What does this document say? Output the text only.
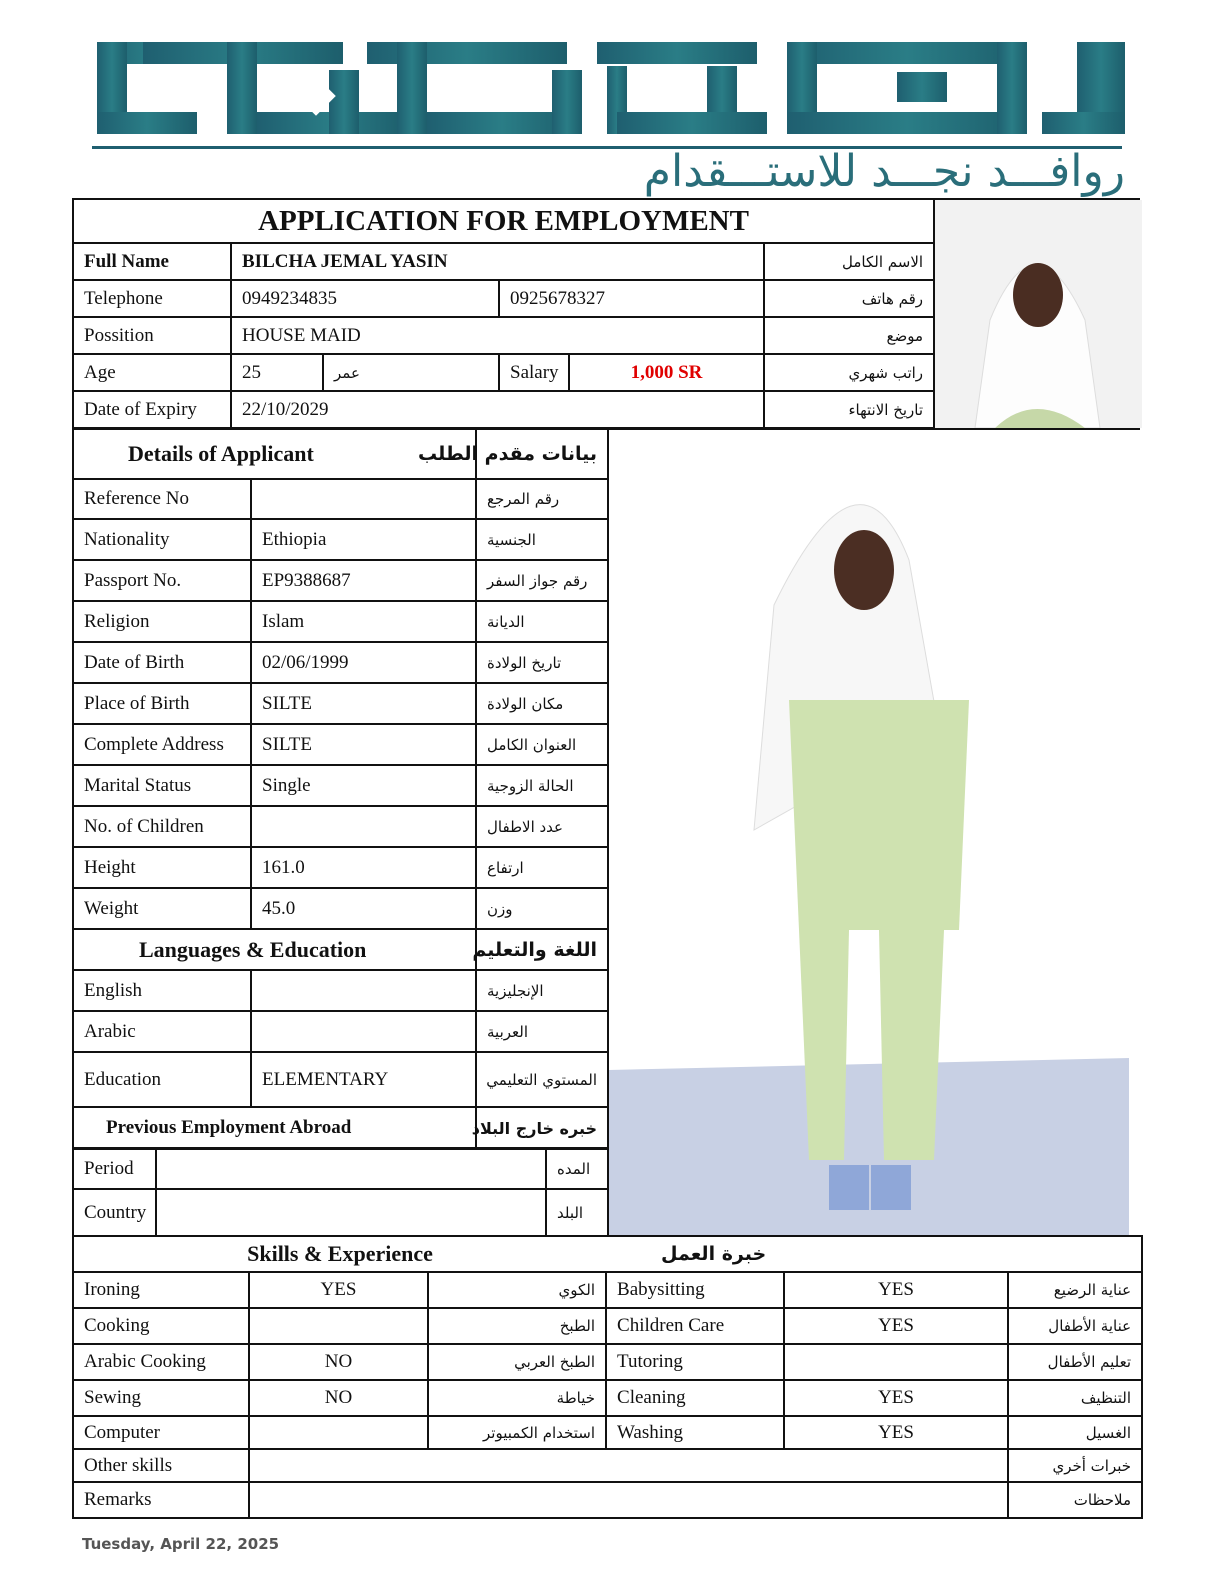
روافـــد نجـــد للاستـــقدام
APPLICATION FOR EMPLOYMENT					
Full Name	BILCHA JEMAL YASIN				الاسم الكامل
Telephone	0949234835		0925678327		رقم هاتف
Possition	HOUSE MAID				موضع
Age	25	عمر	Salary	1,000 SR	راتب شهري
Date of Expiry	22/10/2029				تاريخ الانتهاء
Details of Applicant		بيانات مقدم الطلب
Reference No		رقم المرجع
Nationality	Ethiopia	الجنسية
Passport No.	EP9388687	رقم جواز السفر
Religion	Islam	الديانة
Date of Birth	02/06/1999	تاريخ الولادة
Place of Birth	SILTE	مكان الولادة
Complete Address	SILTE	العنوان الكامل
Marital Status	Single	الحالة الزوجية
No. of Children		عدد الاطفال
Height	161.0	ارتفاع
Weight	45.0	وزن
Languages & Education		اللغة والتعليم
English		الإنجليزية
Arabic		العربية
Education	ELEMENTARY	المستوي التعليمي
Previous Employment Abroad		خبره خارج البلاد
Period		المده
Country		البلد
Skills & Experience			خبرة العمل		
Ironing	YES	الكوي	Babysitting	YES	عناية الرضيع
Cooking		الطبخ	Children Care	YES	عناية الأطفال
Arabic Cooking	NO	الطبخ العربي	Tutoring		تعليم الأطفال
Sewing	NO	خياطة	Cleaning	YES	التنظيف
Computer		استخدام الكمبيوتر	Washing	YES	الغسيل
Other skills					خبرات أخري
Remarks					ملاحظات
Tuesday, April 22, 2025
